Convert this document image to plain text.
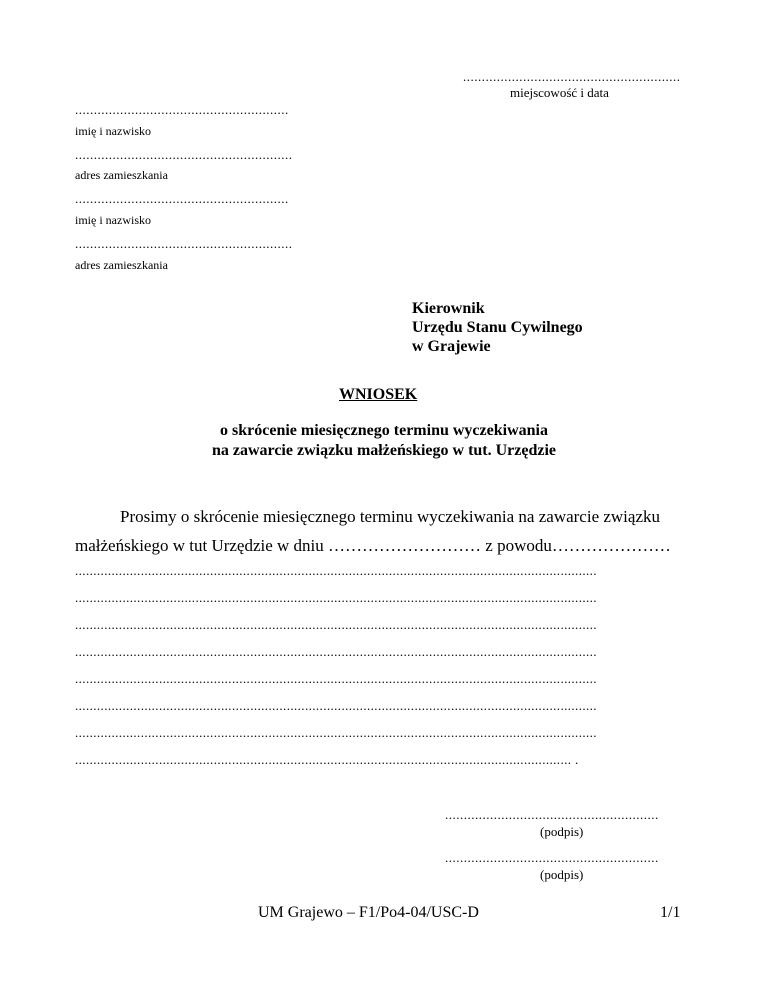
..........................................................
miejscowość i data
.........................................................
imię i nazwisko
..........................................................
adres zamieszkania
.........................................................
imię i nazwisko
..........................................................
adres zamieszkania
Kierownik
Urzędu Stanu Cywilnego
w Grajewie
WNIOSEK
o skrócenie miesięcznego terminu wyczekiwania
na zawarcie związku małżeńskiego w tut. Urzędzie
Prosimy o skrócenie miesięcznego terminu wyczekiwania na zawarcie związku
małżeńskiego w tut Urzędzie w dniu ……………………… z powodu…………………
...............................................................................................................................................
...............................................................................................................................................
...............................................................................................................................................
...............................................................................................................................................
...............................................................................................................................................
...............................................................................................................................................
...............................................................................................................................................
........................................................................................................................................ .
.........................................................
(podpis)
.........................................................
(podpis)
UM Grajewo – F1/Po4-04/USC-D	1/1
